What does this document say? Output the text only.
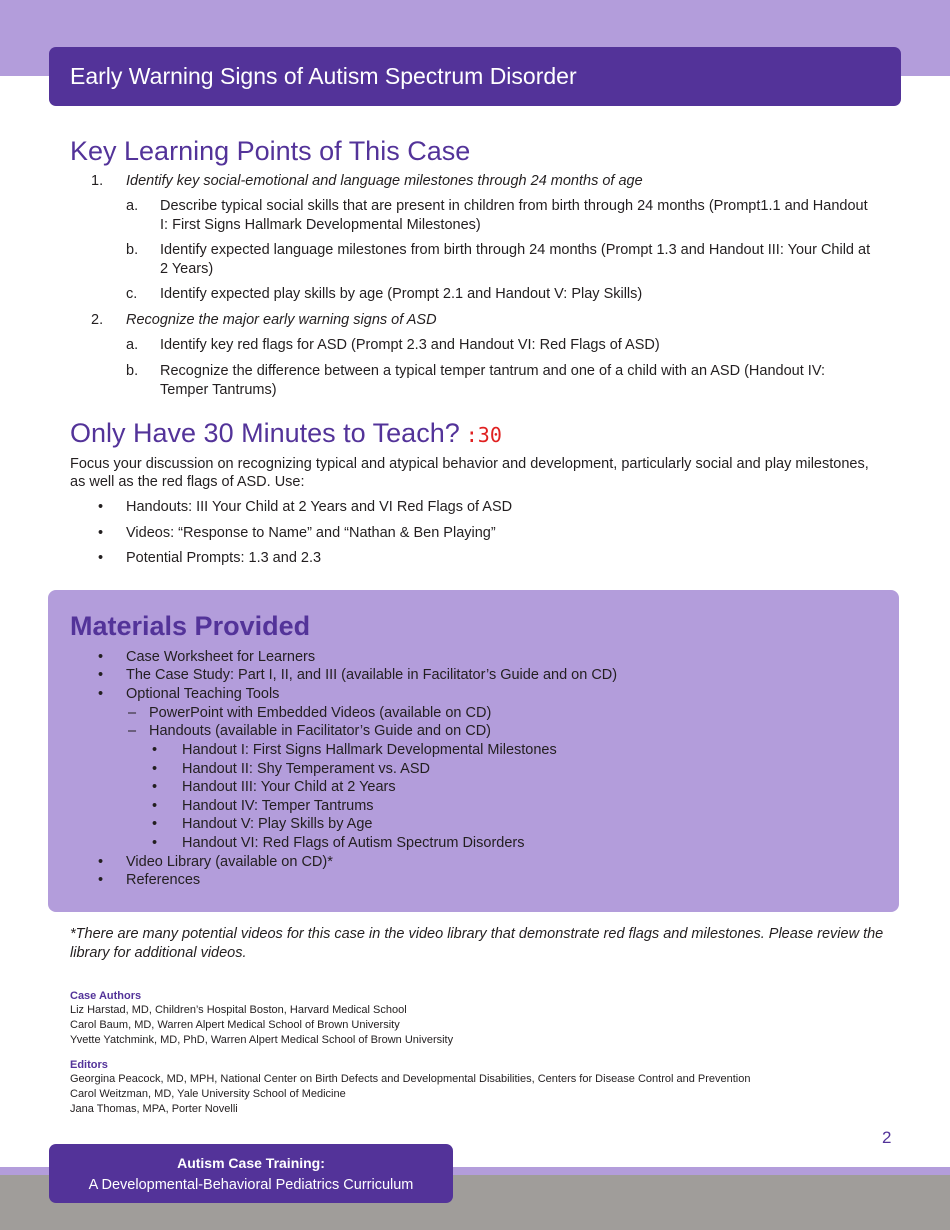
Early Warning Signs of Autism Spectrum Disorder
Key Learning Points of This Case
1. Identify key social-emotional and language milestones through 24 months of age
a. Describe typical social skills that are present in children from birth through 24 months (Prompt1.1 and Handout I: First Signs Hallmark Developmental Milestones)
b. Identify expected language milestones from birth through 24 months (Prompt 1.3 and Handout III: Your Child at 2 Years)
c. Identify expected play skills by age (Prompt 2.1 and Handout V: Play Skills)
2. Recognize the major early warning signs of ASD
a. Identify key red flags for ASD (Prompt 2.3 and Handout VI: Red Flags of ASD)
b. Recognize the difference between a typical temper tantrum and one of a child with an ASD (Handout IV: Temper Tantrums)
Only Have 30 Minutes to Teach? :30
Focus your discussion on recognizing typical and atypical behavior and development, particularly social and play milestones, as well as the red flags of ASD. Use:
• Handouts: III Your Child at 2 Years and VI Red Flags of ASD
• Videos: “Response to Name” and “Nathan & Ben Playing”
• Potential Prompts: 1.3 and 2.3
Materials Provided
• Case Worksheet for Learners
• The Case Study: Part I, II, and III (available in Facilitator’s Guide and on CD)
• Optional Teaching Tools
– PowerPoint with Embedded Videos (available on CD)
– Handouts (available in Facilitator’s Guide and on CD)
• Handout I: First Signs Hallmark Developmental Milestones
• Handout II: Shy Temperament vs. ASD
• Handout III: Your Child at 2 Years
• Handout IV: Temper Tantrums
• Handout V: Play Skills by Age
• Handout VI: Red Flags of Autism Spectrum Disorders
• Video Library (available on CD)*
• References
*There are many potential videos for this case in the video library that demonstrate red flags and milestones. Please review the library for additional videos.
Case Authors
Liz Harstad, MD, Children’s Hospital Boston, Harvard Medical School
Carol Baum, MD, Warren Alpert Medical School of Brown University
Yvette Yatchmink, MD, PhD, Warren Alpert Medical School of Brown University
Editors
Georgina Peacock, MD, MPH, National Center on Birth Defects and Developmental Disabilities, Centers for Disease Control and Prevention
Carol Weitzman, MD, Yale University School of Medicine
Jana Thomas, MPA, Porter Novelli
2
Autism Case Training:
A Developmental-Behavioral Pediatrics Curriculum
